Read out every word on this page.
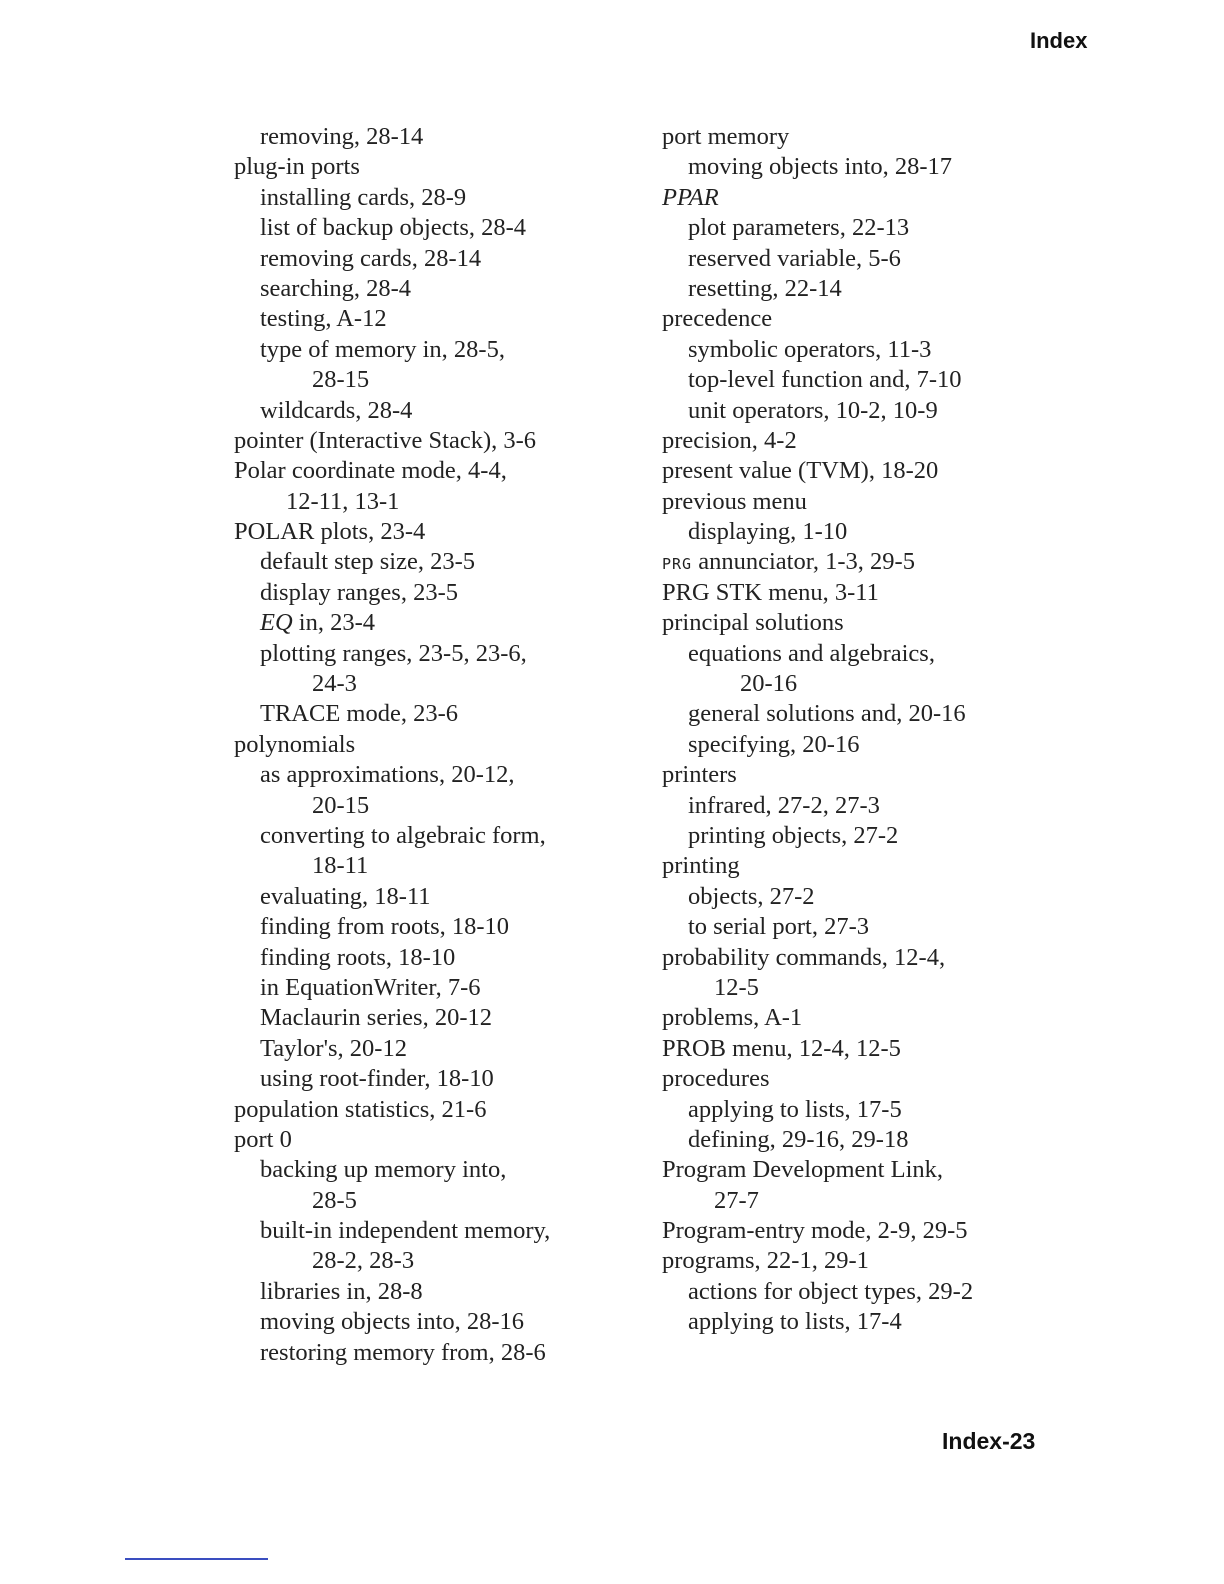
Index
removing, 28-14
plug-in ports
installing cards, 28-9
list of backup objects, 28-4
removing cards, 28-14
searching, 28-4
testing, A-12
type of memory in, 28-5,
28-15
wildcards, 28-4
pointer (Interactive Stack), 3-6
Polar coordinate mode, 4-4,
12-11, 13-1
POLAR plots, 23-4
default step size, 23-5
display ranges, 23-5
EQ in, 23-4
plotting ranges, 23-5, 23-6,
24-3
TRACE mode, 23-6
polynomials
as approximations, 20-12,
20-15
converting to algebraic form,
18-11
evaluating, 18-11
finding from roots, 18-10
finding roots, 18-10
in EquationWriter, 7-6
Maclaurin series, 20-12
Taylor's, 20-12
using root-finder, 18-10
population statistics, 21-6
port 0
backing up memory into,
28-5
built-in independent memory,
28-2, 28-3
libraries in, 28-8
moving objects into, 28-16
restoring memory from, 28-6
port memory
moving objects into, 28-17
PPAR
plot parameters, 22-13
reserved variable, 5-6
resetting, 22-14
precedence
symbolic operators, 11-3
top-level function and, 7-10
unit operators, 10-2, 10-9
precision, 4-2
present value (TVM), 18-20
previous menu
displaying, 1-10
PRG annunciator, 1-3, 29-5
PRG STK menu, 3-11
principal solutions
equations and algebraics,
20-16
general solutions and, 20-16
specifying, 20-16
printers
infrared, 27-2, 27-3
printing objects, 27-2
printing
objects, 27-2
to serial port, 27-3
probability commands, 12-4,
12-5
problems, A-1
PROB menu, 12-4, 12-5
procedures
applying to lists, 17-5
defining, 29-16, 29-18
Program Development Link,
27-7
Program-entry mode, 2-9, 29-5
programs, 22-1, 29-1
actions for object types, 29-2
applying to lists, 17-4
Index-23
